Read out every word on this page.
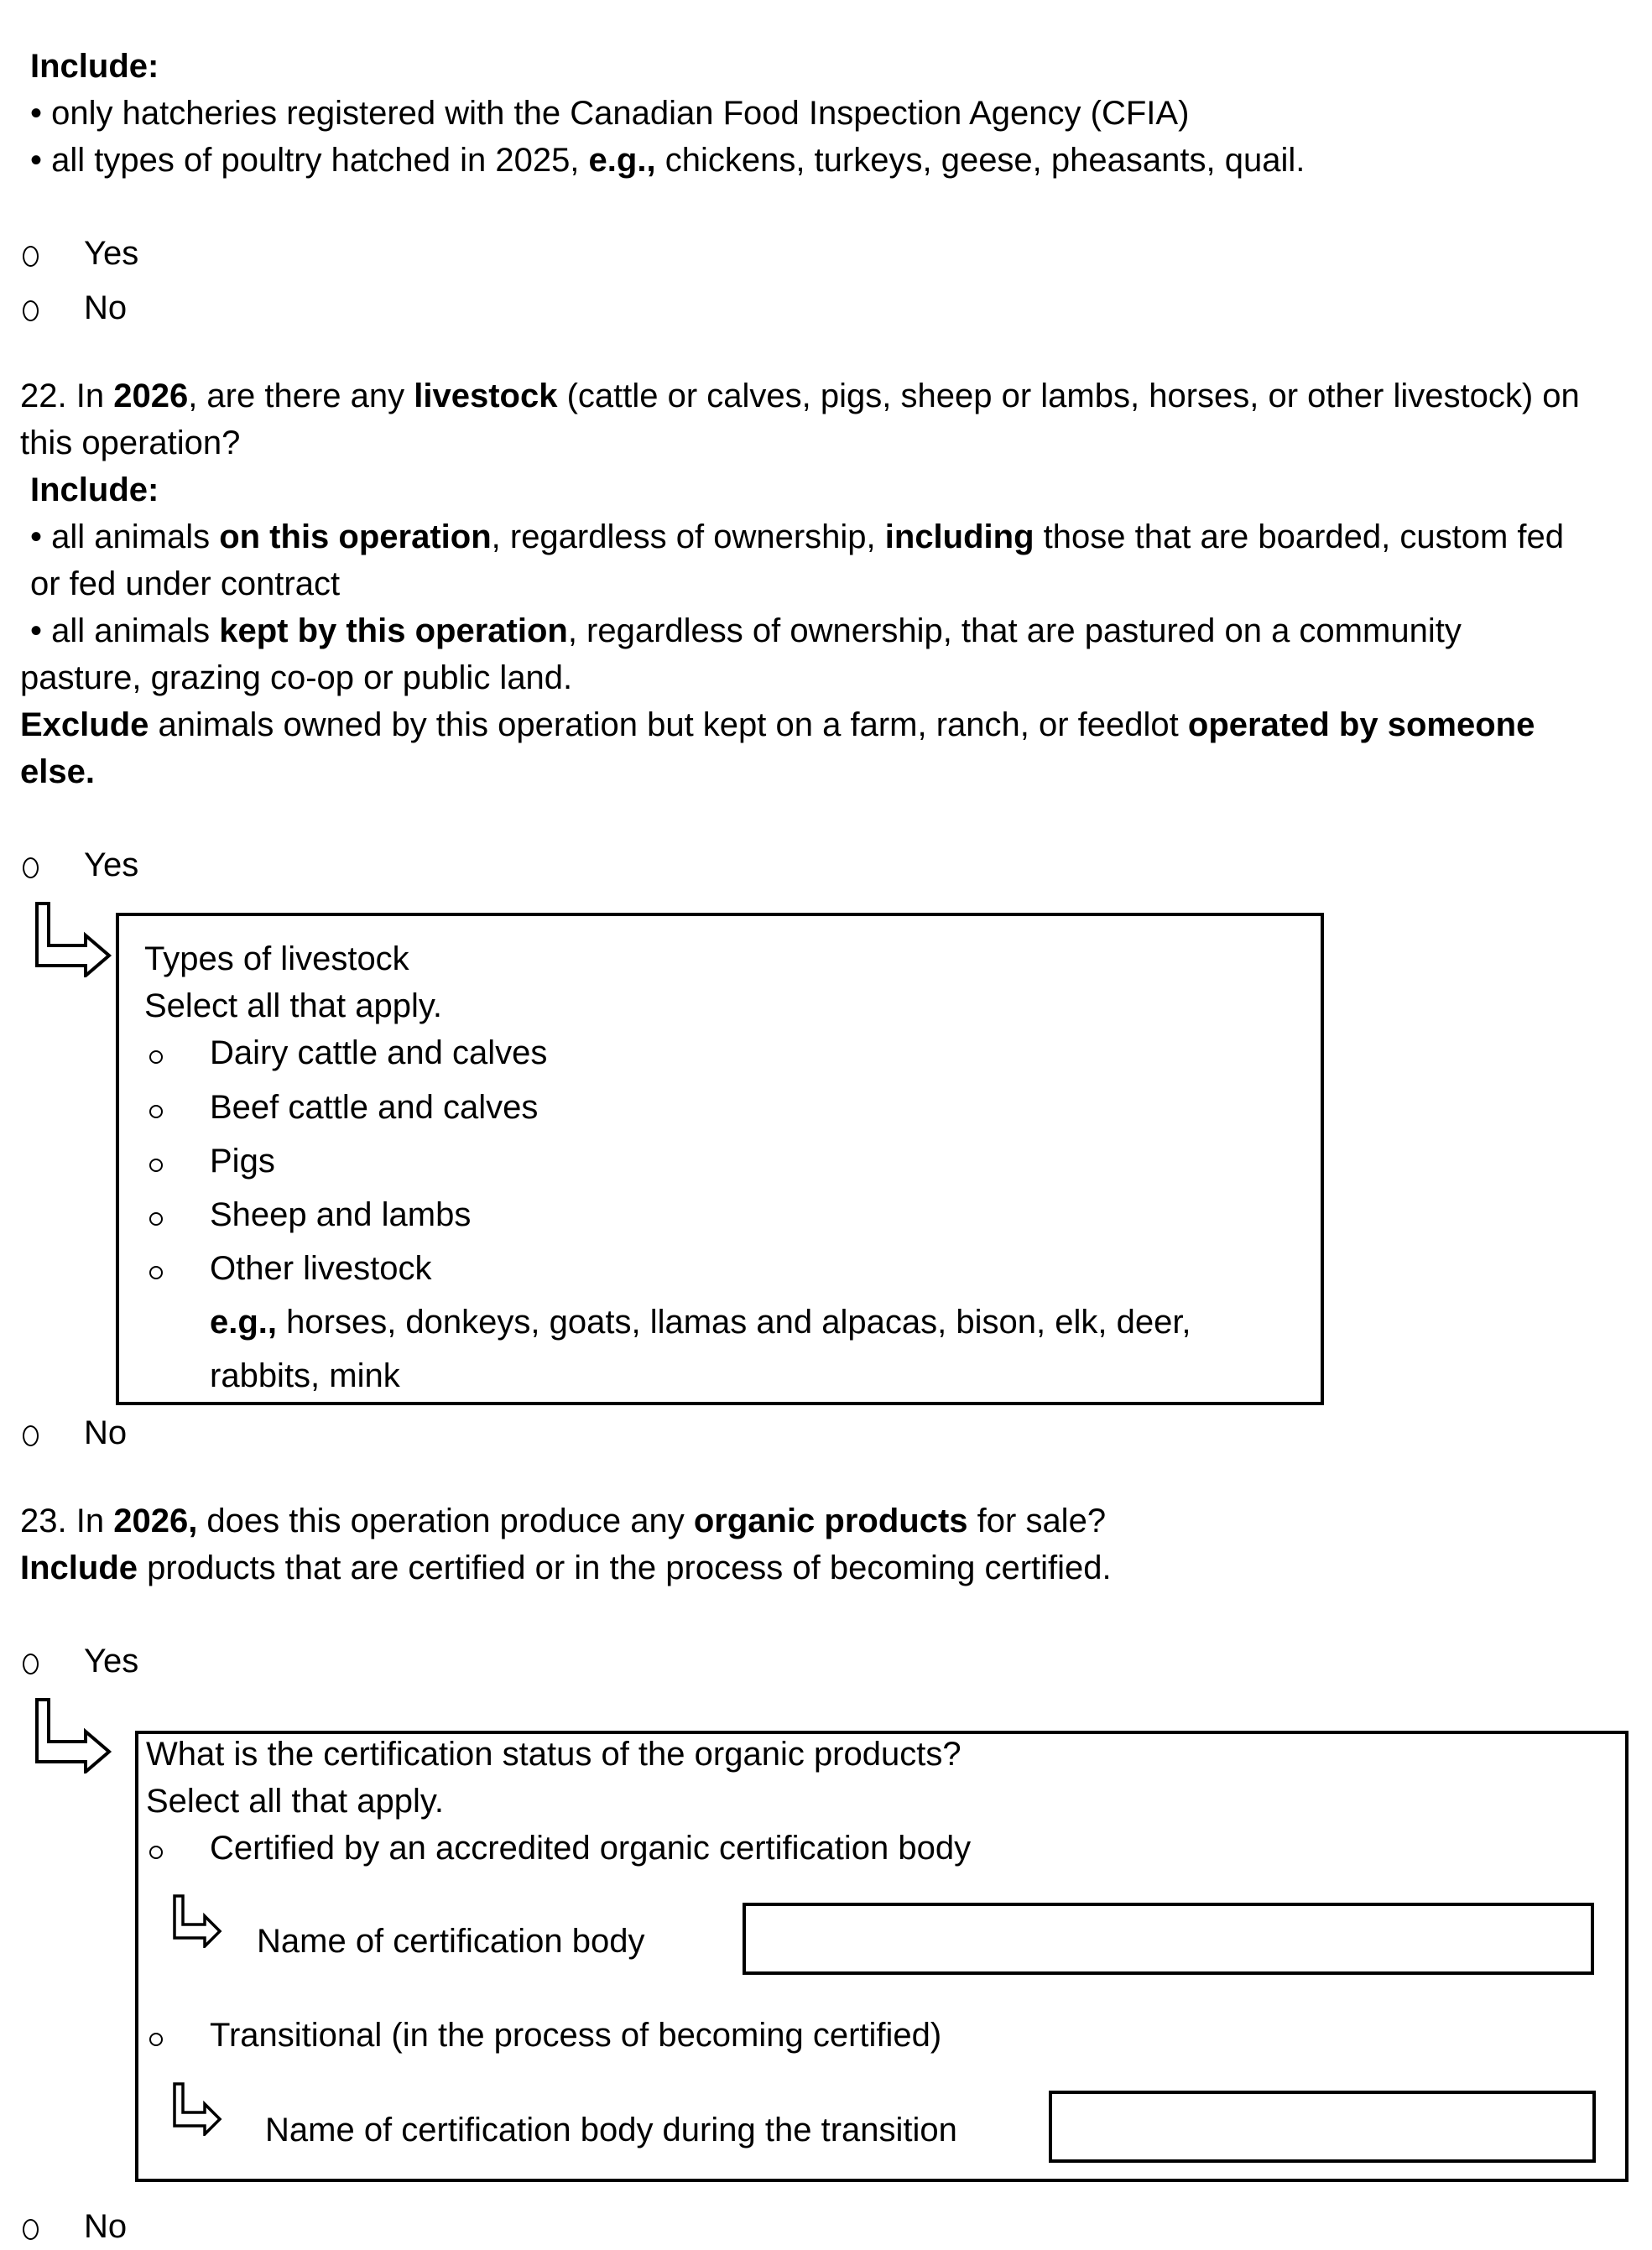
Include:
• only hatcheries registered with the Canadian Food Inspection Agency (CFIA)
• all types of poultry hatched in 2025, e.g., chickens, turkeys, geese, pheasants, quail.
Yes
No
22. In 2026, are there any livestock (cattle or calves, pigs, sheep or lambs, horses, or other livestock) on
this operation?
Include:
• all animals on this operation, regardless of ownership, including those that are boarded, custom fed
or fed under contract
• all animals kept by this operation, regardless of ownership, that are pastured on a community
pasture, grazing co-op or public land.
Exclude animals owned by this operation but kept on a farm, ranch, or feedlot operated by someone
else.
Yes
Types of livestock
Select all that apply.
Dairy cattle and calves
Beef cattle and calves
Pigs
Sheep and lambs
Other livestock
e.g., horses, donkeys, goats, llamas and alpacas, bison, elk, deer,
rabbits, mink
No
23. In 2026, does this operation produce any organic products for sale?
Include products that are certified or in the process of becoming certified.
Yes
What is the certification status of the organic products?
Select all that apply.
Certified by an accredited organic certification body
Name of certification body
Transitional (in the process of becoming certified)
Name of certification body during the transition
No
